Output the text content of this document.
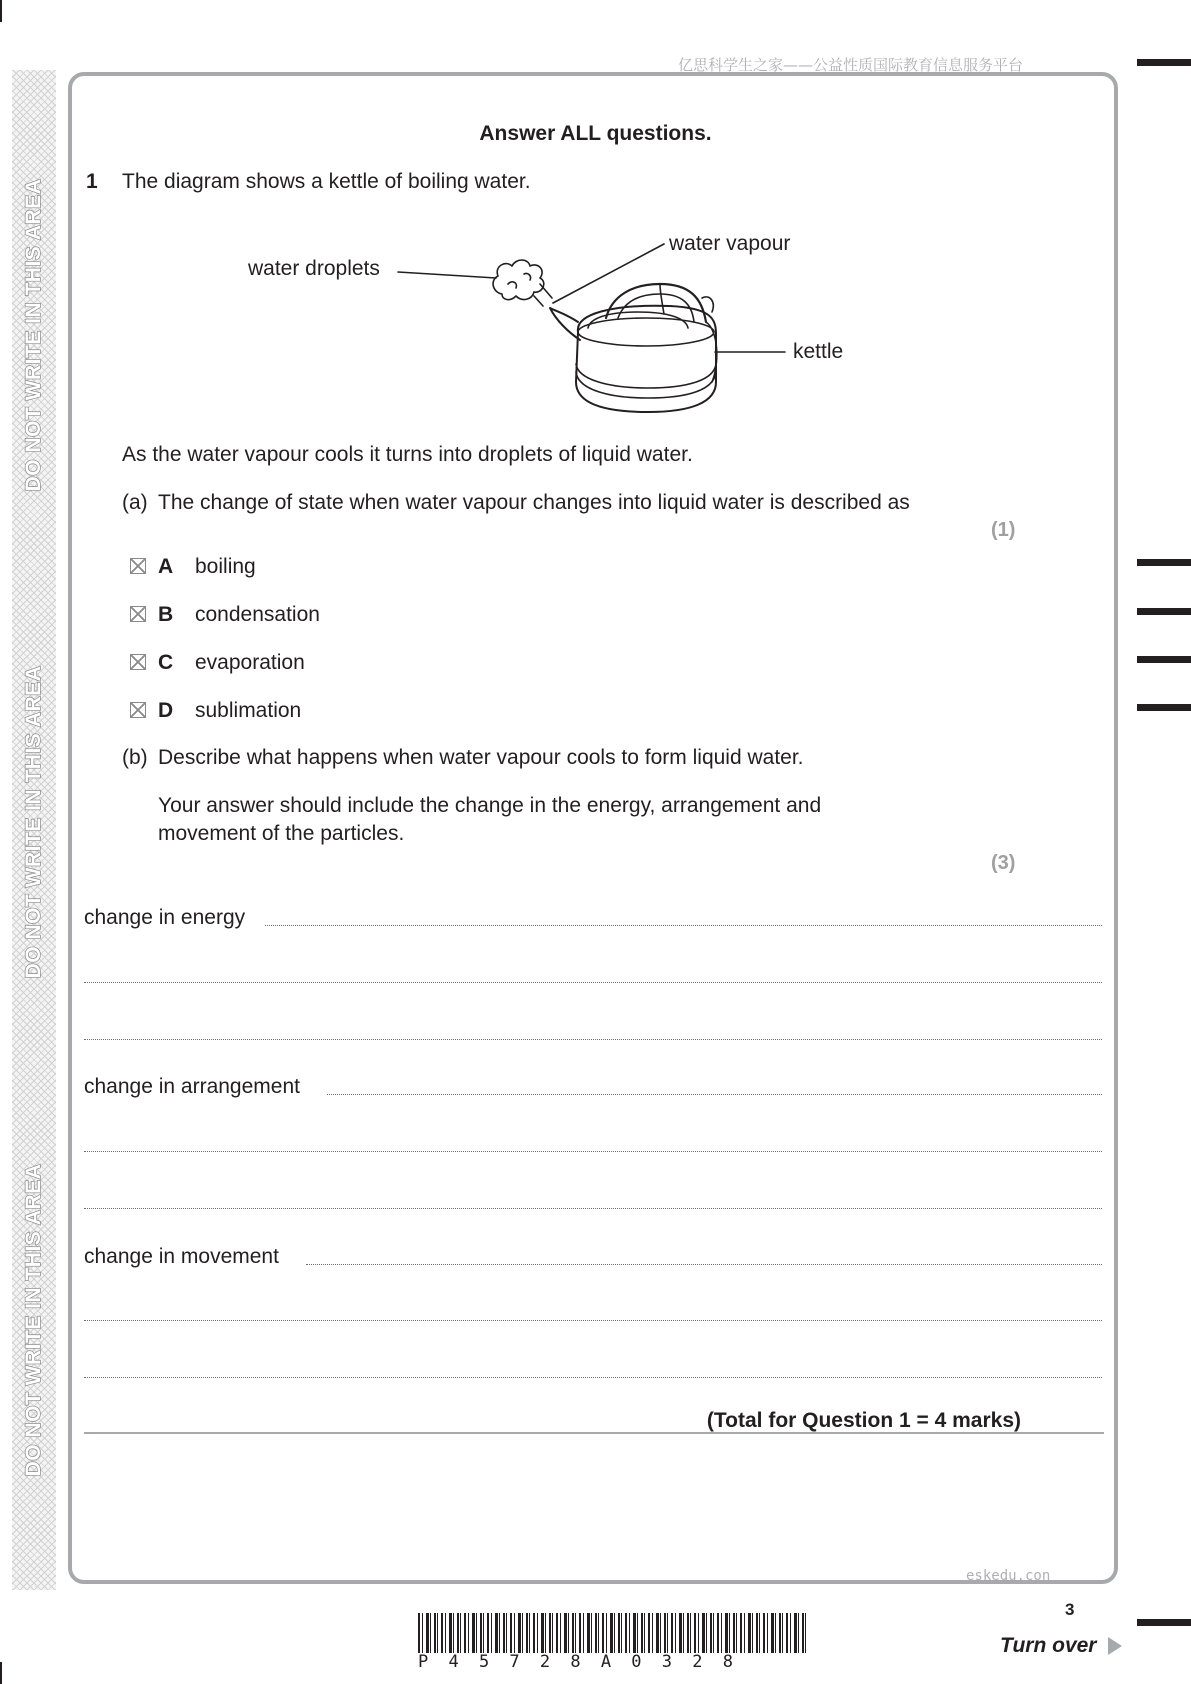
DO NOT WRITE IN THIS AREA
DO NOT WRITE IN THIS AREA
DO NOT WRITE IN THIS AREA
亿思科学生之家——公益性质国际教育信息服务平台
Answer ALL questions.
1 The diagram shows a kettle of boiling water.
water droplets
water vapour
kettle
As the water vapour cools it turns into droplets of liquid water.
(a) The change of state when water vapour changes into liquid water is described as
(1)
A boiling
B condensation
C evaporation
D sublimation
(b) Describe what happens when water vapour cools to form liquid water.
Your answer should include the change in the energy, arrangement and
movement of the particles.
(3)
change in energy
change in arrangement
change in movement
(Total for Question 1 = 4 marks)
eskedu.con
3
P 4 5 7 2 8 A 0 3 2 8
Turn over
